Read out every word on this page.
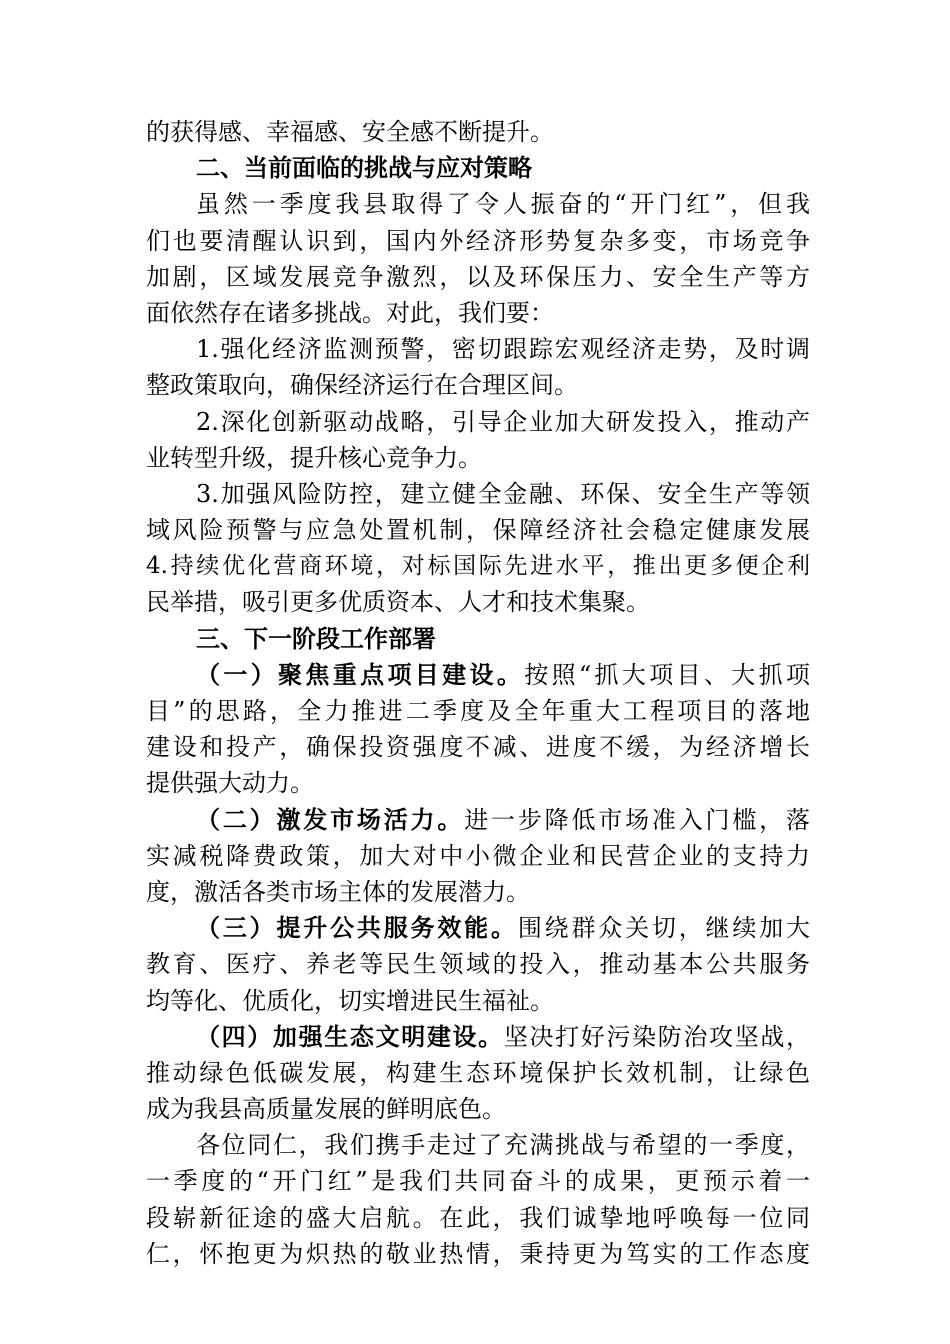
的获得感、幸福感、安全感不断提升。
二、当前面临的挑战与应对策略
虽然一季度我县取得了令人振奋的“开门红”，但我
们也要清醒认识到，国内外经济形势复杂多变，市场竞争
加剧，区域发展竞争激烈，以及环保压力、安全生产等方
面依然存在诸多挑战。对此，我们要：
1.强化经济监测预警，密切跟踪宏观经济走势，及时调
整政策取向，确保经济运行在合理区间。
2.深化创新驱动战略，引导企业加大研发投入，推动产
业转型升级，提升核心竞争力。
3.加强风险防控，建立健全金融、环保、安全生产等领
域风险预警与应急处置机制，保障经济社会稳定健康发展
4.持续优化营商环境，对标国际先进水平，推出更多便企利
民举措，吸引更多优质资本、人才和技术集聚。
三、下一阶段工作部署
（一）聚焦重点项目建设。按照“抓大项目、大抓项
目”的思路，全力推进二季度及全年重大工程项目的落地
建设和投产，确保投资强度不减、进度不缓，为经济增长
提供强大动力。
（二）激发市场活力。进一步降低市场准入门槛，落
实减税降费政策，加大对中小微企业和民营企业的支持力
度，激活各类市场主体的发展潜力。
（三）提升公共服务效能。围绕群众关切，继续加大
教育、医疗、养老等民生领域的投入，推动基本公共服务
均等化、优质化，切实增进民生福祉。
（四）加强生态文明建设。坚决打好污染防治攻坚战，
推动绿色低碳发展，构建生态环境保护长效机制，让绿色
成为我县高质量发展的鲜明底色。
各位同仁，我们携手走过了充满挑战与希望的一季度，
一季度的“开门红”是我们共同奋斗的成果，更预示着一
段崭新征途的盛大启航。在此，我们诚挚地呼唤每一位同
仁，怀抱更为炽热的敬业热情，秉持更为笃实的工作态度
